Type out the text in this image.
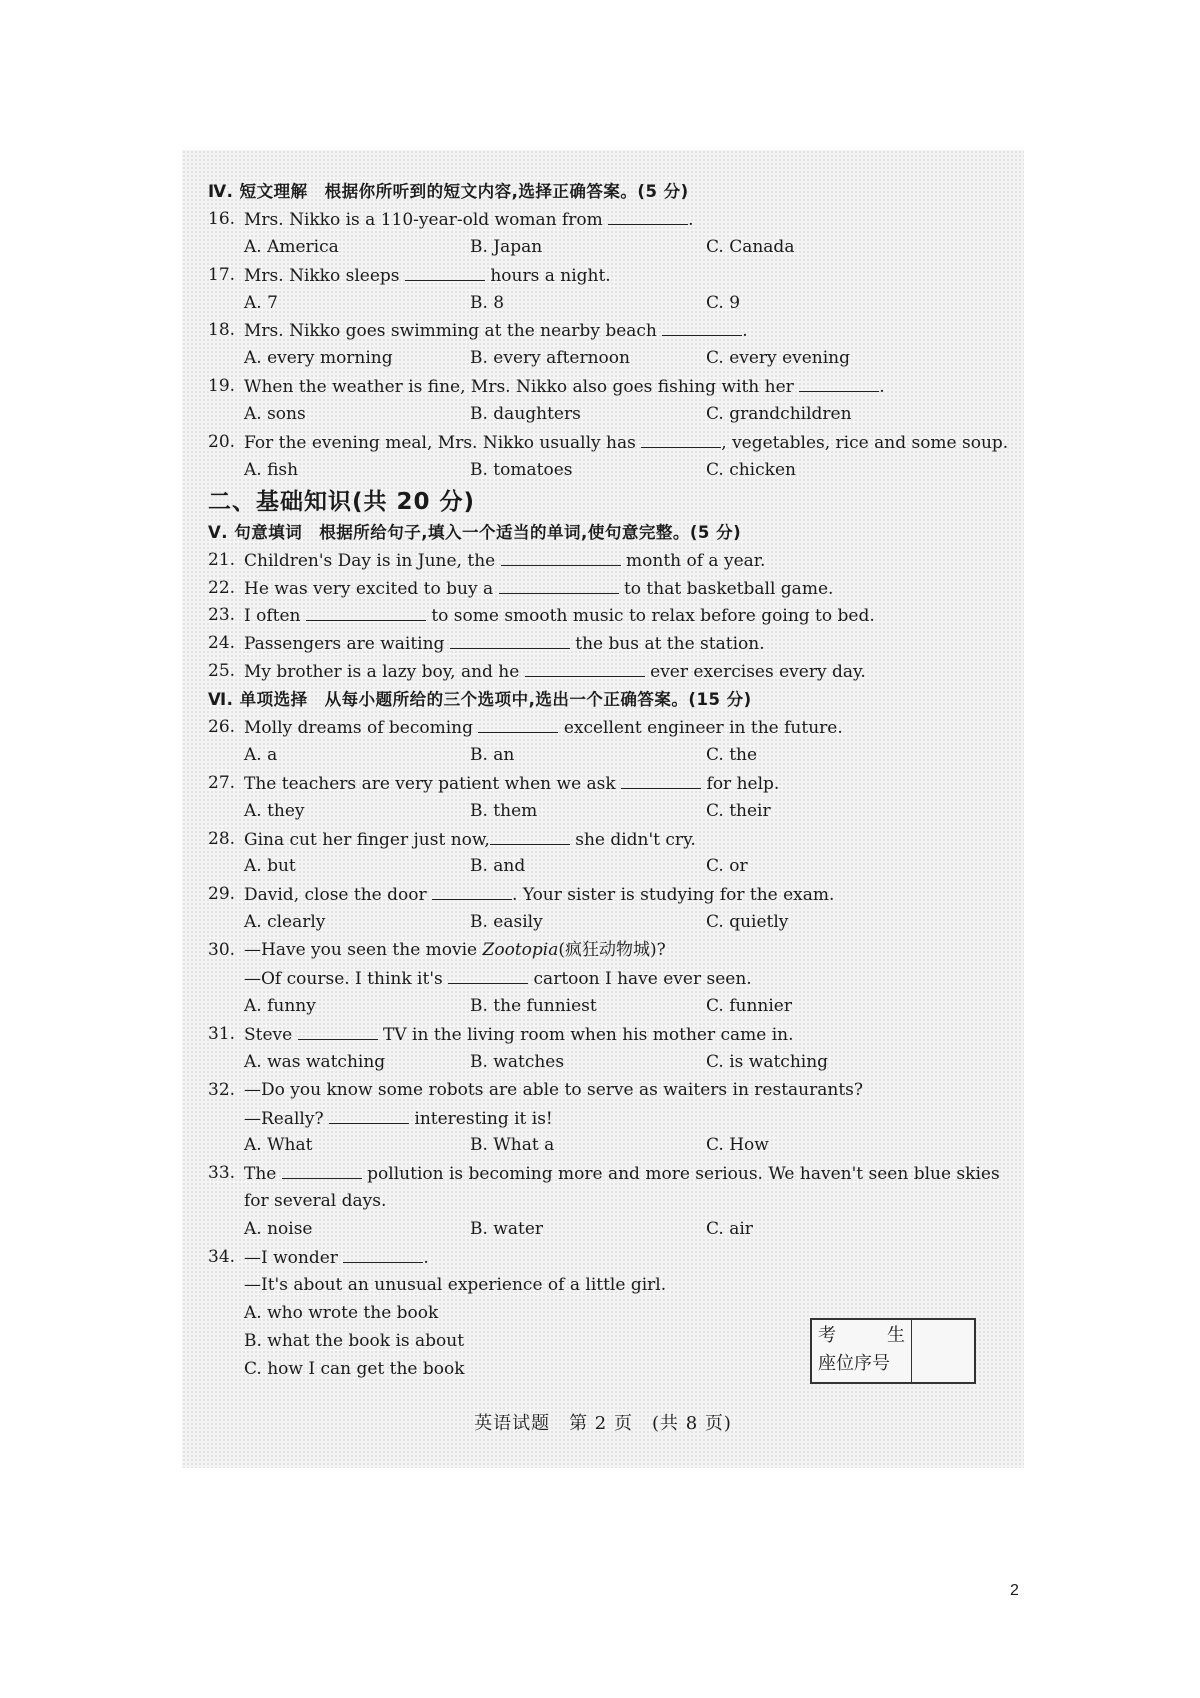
Ⅳ. 短文理解　根据你所听到的短文内容,选择正确答案。(5 分)
16. Mrs. Nikko is a 110-year-old woman from	.
A. America	B. Japan	C. Canada
17. Mrs. Nikko sleeps	hours a night.
A. 7	B. 8	C. 9
18. Mrs. Nikko goes swimming at the nearby beach	.
A. every morning	B. every afternoon	C. every evening
19. When the weather is fine, Mrs. Nikko also goes fishing with her	.
A. sons	B. daughters	C. grandchildren
20. For the evening meal, Mrs. Nikko usually has	, vegetables, rice and some soup.
A. fish	B. tomatoes	C. chicken
二、基础知识(共 20 分)
Ⅴ. 句意填词　根据所给句子,填入一个适当的单词,使句意完整。(5 分)
21. Children's Day is in June, the	month of a year.
22. He was very excited to buy a	to that basketball game.
23. I often	to some smooth music to relax before going to bed.
24. Passengers are waiting	the bus at the station.
25. My brother is a lazy boy, and he	ever exercises every day.
Ⅵ. 单项选择　从每小题所给的三个选项中,选出一个正确答案。(15 分)
26. Molly dreams of becoming	excellent engineer in the future.
A. a	B. an	C. the
27. The teachers are very patient when we ask	for help.
A. they	B. them	C. their
28. Gina cut her finger just now,	she didn't cry.
A. but	B. and	C. or
29. David, close the door	. Your sister is studying for the exam.
A. clearly	B. easily	C. quietly
30. —Have you seen the movie Zootopia(疯狂动物城)?
—Of course. I think it's	cartoon I have ever seen.
A. funny	B. the funniest	C. funnier
31. Steve	TV in the living room when his mother came in.
A. was watching	B. watches	C. is watching
32. —Do you know some robots are able to serve as waiters in restaurants?
—Really?	interesting it is!
A. What	B. What a	C. How
33. The	pollution is becoming more and more serious. We haven't seen blue skies
for several days.
A. noise	B. water	C. air
34. —I wonder	.
—It's about an unusual experience of a little girl.
A. who wrote the book
B. what the book is about
C. how I can get the book
考	生
座位序号
英语试题　第 2 页　(共 8 页)
2
